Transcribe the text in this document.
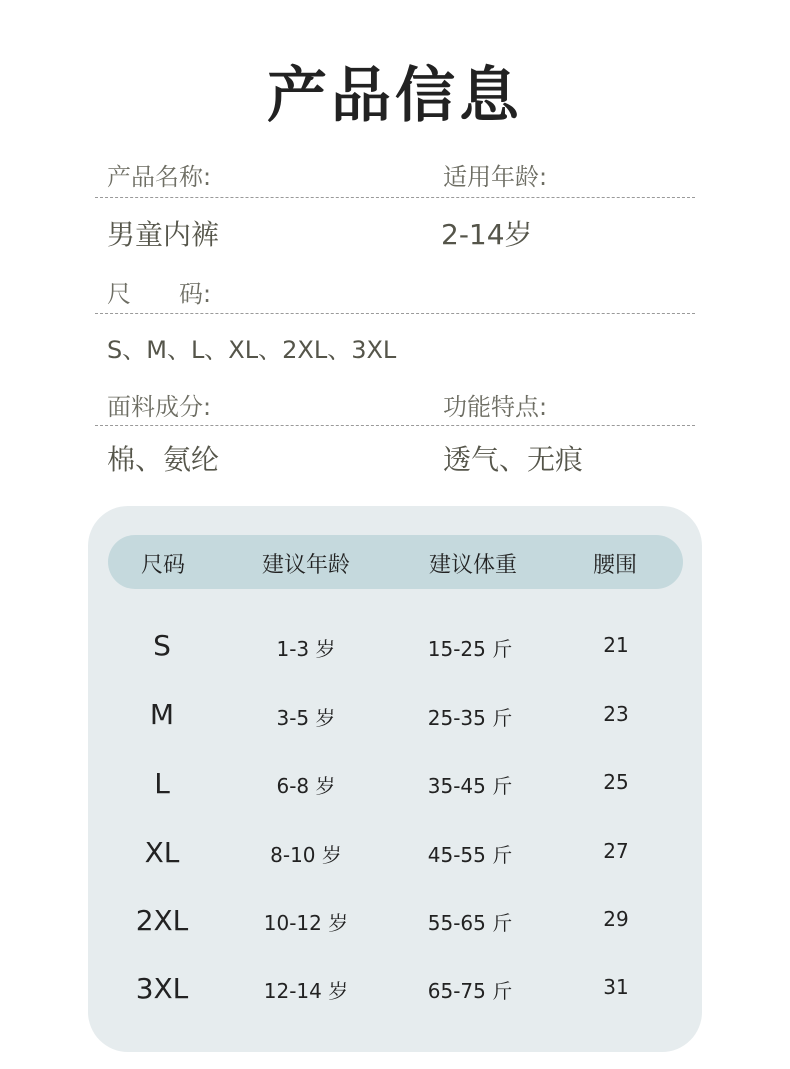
产品信息
产品名称:	适用年龄:
男童内裤	2-14岁
尺　　码:
S、M、L、XL、2XL、3XL
面料成分:	功能特点:
棉、氨纶	透气、无痕
尺码	建议年龄	建议体重	腰围
S	1-3 岁	15-25 斤	21
M	3-5 岁	25-35 斤	23
L	6-8 岁	35-45 斤	25
XL	8-10 岁	45-55 斤	27
2XL	10-12 岁	55-65 斤	29
3XL	12-14 岁	65-75 斤	31
